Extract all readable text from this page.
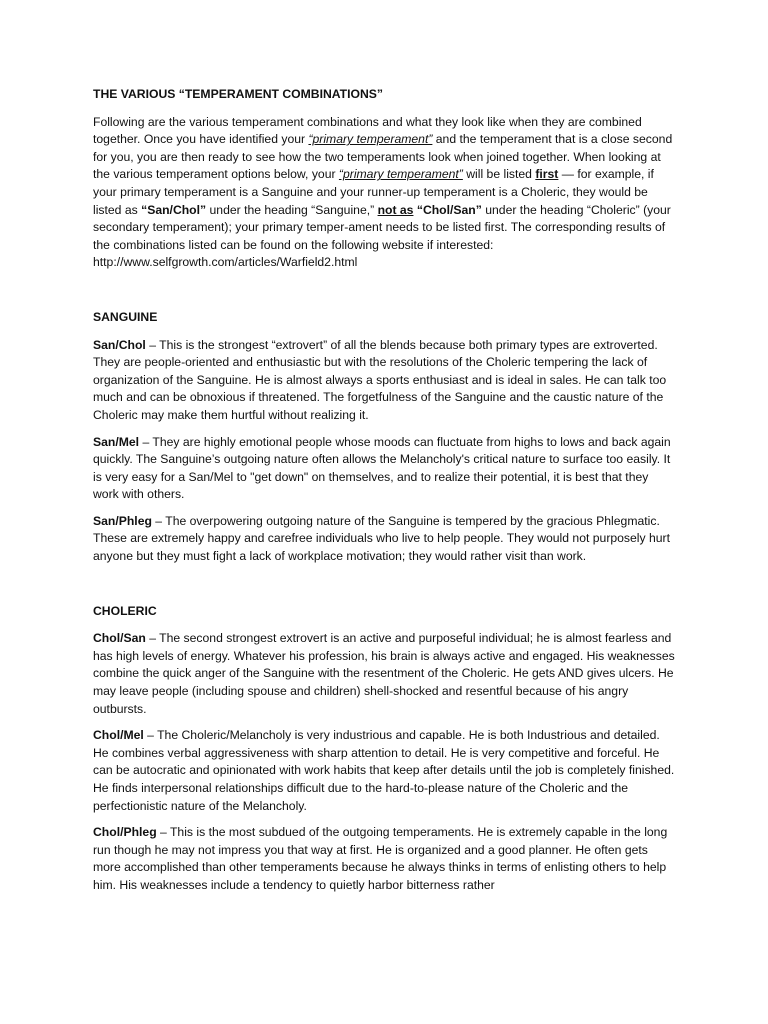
THE VARIOUS “TEMPERAMENT COMBINATIONS”

Following are the various temperament combinations and what they look like when they are combined together. Once you have identified your “primary temperament” and the temperament that is a close second for you, you are then ready to see how the two temperaments look when joined together. When looking at the various temperament options below, your “primary temperament” will be listed first — for example, if your primary temperament is a Sanguine and your runner-up temperament is a Choleric, they would be listed as “San/Chol” under the heading “Sanguine,” not as “Chol/San” under the heading “Choleric” (your secondary temperament); your primary temper-ament needs to be listed first. The corresponding results of the combinations listed can be found on the following website if interested:
http://www.selfgrowth.com/articles/Warfield2.html

SANGUINE

San/Chol – This is the strongest “extrovert” of all the blends because both primary types are extroverted. They are people-oriented and enthusiastic but with the resolutions of the Choleric tempering the lack of organization of the Sanguine. He is almost always a sports enthusiast and is ideal in sales. He can talk too much and can be obnoxious if threatened. The forgetfulness of the Sanguine and the caustic nature of the Choleric may make them hurtful without realizing it.

San/Mel – They are highly emotional people whose moods can fluctuate from highs to lows and back again quickly. The Sanguine’s outgoing nature often allows the Melancholy's critical nature to surface too easily. It is very easy for a San/Mel to "get down" on themselves, and to realize their potential, it is best that they work with others.

San/Phleg – The overpowering outgoing nature of the Sanguine is tempered by the gracious Phlegmatic. These are extremely happy and carefree individuals who live to help people. They would not purposely hurt anyone but they must fight a lack of workplace motivation; they would rather visit than work.

CHOLERIC

Chol/San – The second strongest extrovert is an active and purposeful individual; he is almost fearless and has high levels of energy. Whatever his profession, his brain is always active and engaged. His weaknesses combine the quick anger of the Sanguine with the resentment of the Choleric. He gets AND gives ulcers. He may leave people (including spouse and children) shell-shocked and resentful because of his angry outbursts.

Chol/Mel – The Choleric/Melancholy is very industrious and capable. He is both Industrious and detailed. He combines verbal aggressiveness with sharp attention to detail. He is very competitive and forceful. He can be autocratic and opinionated with work habits that keep after details until the job is completely finished. He finds interpersonal relationships difficult due to the hard-to-please nature of the Choleric and the perfectionistic nature of the Melancholy.

Chol/Phleg – This is the most subdued of the outgoing temperaments. He is extremely capable in the long run though he may not impress you that way at first. He is organized and a good planner. He often gets more accomplished than other temperaments because he always thinks in terms of enlisting others to help him. His weaknesses include a tendency to quietly harbor bitterness rather
